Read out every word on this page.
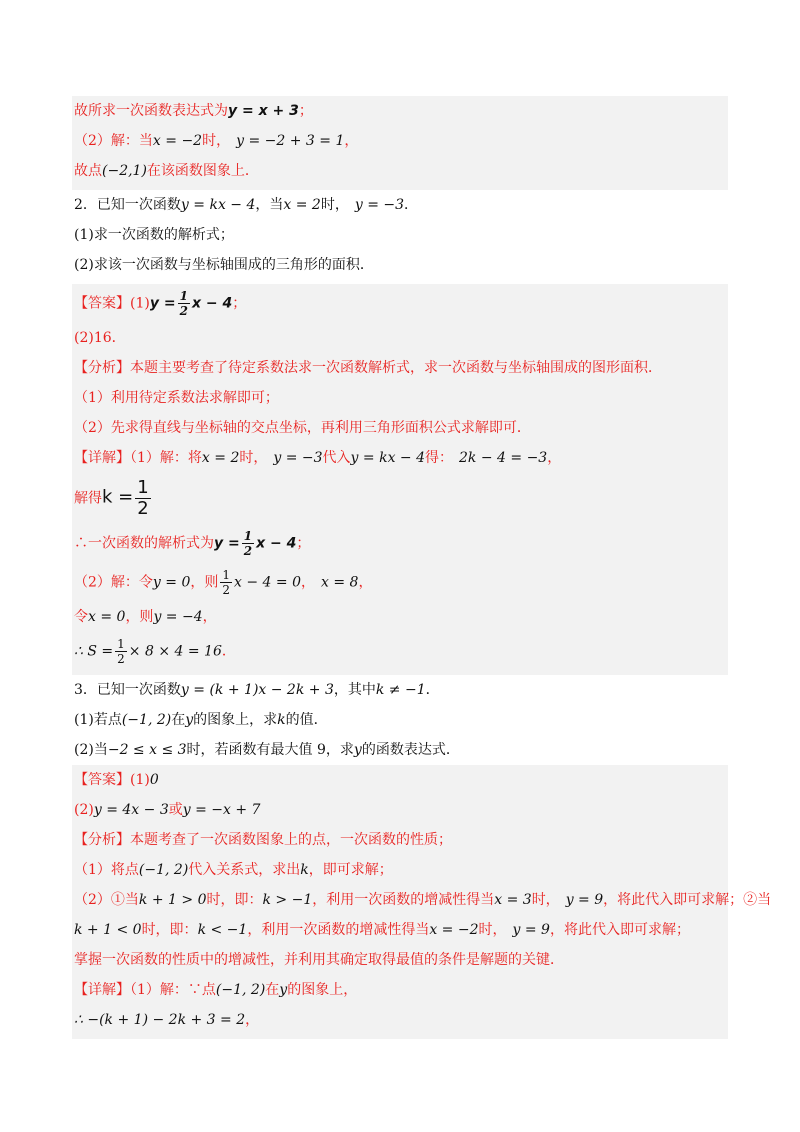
故所求一次函数表达式为y = x + 3；
（2）解：当x = −2时， y = −2 + 3 = 1，
故点(−2,1)在该函数图象上．
2．已知一次函数y = kx − 4，当x = 2时， y = −3．
(1)求一次函数的解析式；
(2)求该一次函数与坐标轴围成的三角形的面积．
【答案】$(1)y = \frac{1}{2}$ x − 4；
(2)16．
【分析】本题主要考查了待定系数法求一次函数解析式，求一次函数与坐标轴围成的图形面积．
（1）利用待定系数法求解即可；
（2）先求得直线与坐标轴的交点坐标，再利用三角形面积公式求解即可．
【详解】（1）解：将x = 2时， y = −3代入y = kx − 4得： 2k − 4 = −3，
解得$k = \frac{1}{2}$
∴一次函数的解析式为$y = \frac{1}{2}$ x − 4；
（2）解：令y = 0，则 $\frac{1}{2}$ x − 4 = 0， x = 8，
令x = 0，则y = −4，
∴ $S = \frac{1}{2} \times 8 \times 4 = 16$．
3．已知一次函数y = (k + 1)x − 2k + 3，其中k ≠ −1．
(1)若点(−1, 2)在y的图象上，求k的值．
(2)当−2 ≤ x ≤ 3时，若函数有最大值 9，求y的函数表达式．
【答案】(1)0
(2)y = 4x − 3或y = −x + 7
【分析】本题考查了一次函数图象上的点，一次函数的性质；
（1）将点(−1, 2)代入关系式，求出k，即可求解；
（2）①当k + 1 > 0时，即：k > −1，利用一次函数的增减性得当x = 3时， y = 9，将此代入即可求解；②当
k + 1 < 0时，即：k < −1，利用一次函数的增减性得当x = −2时， y = 9，将此代入即可求解；
掌握一次函数的性质中的增减性，并利用其确定取得最值的条件是解题的关键．
【详解】（1）解：∵点(−1, 2)在y的图象上，
∴ −(k + 1) − 2k + 3 = 2，
